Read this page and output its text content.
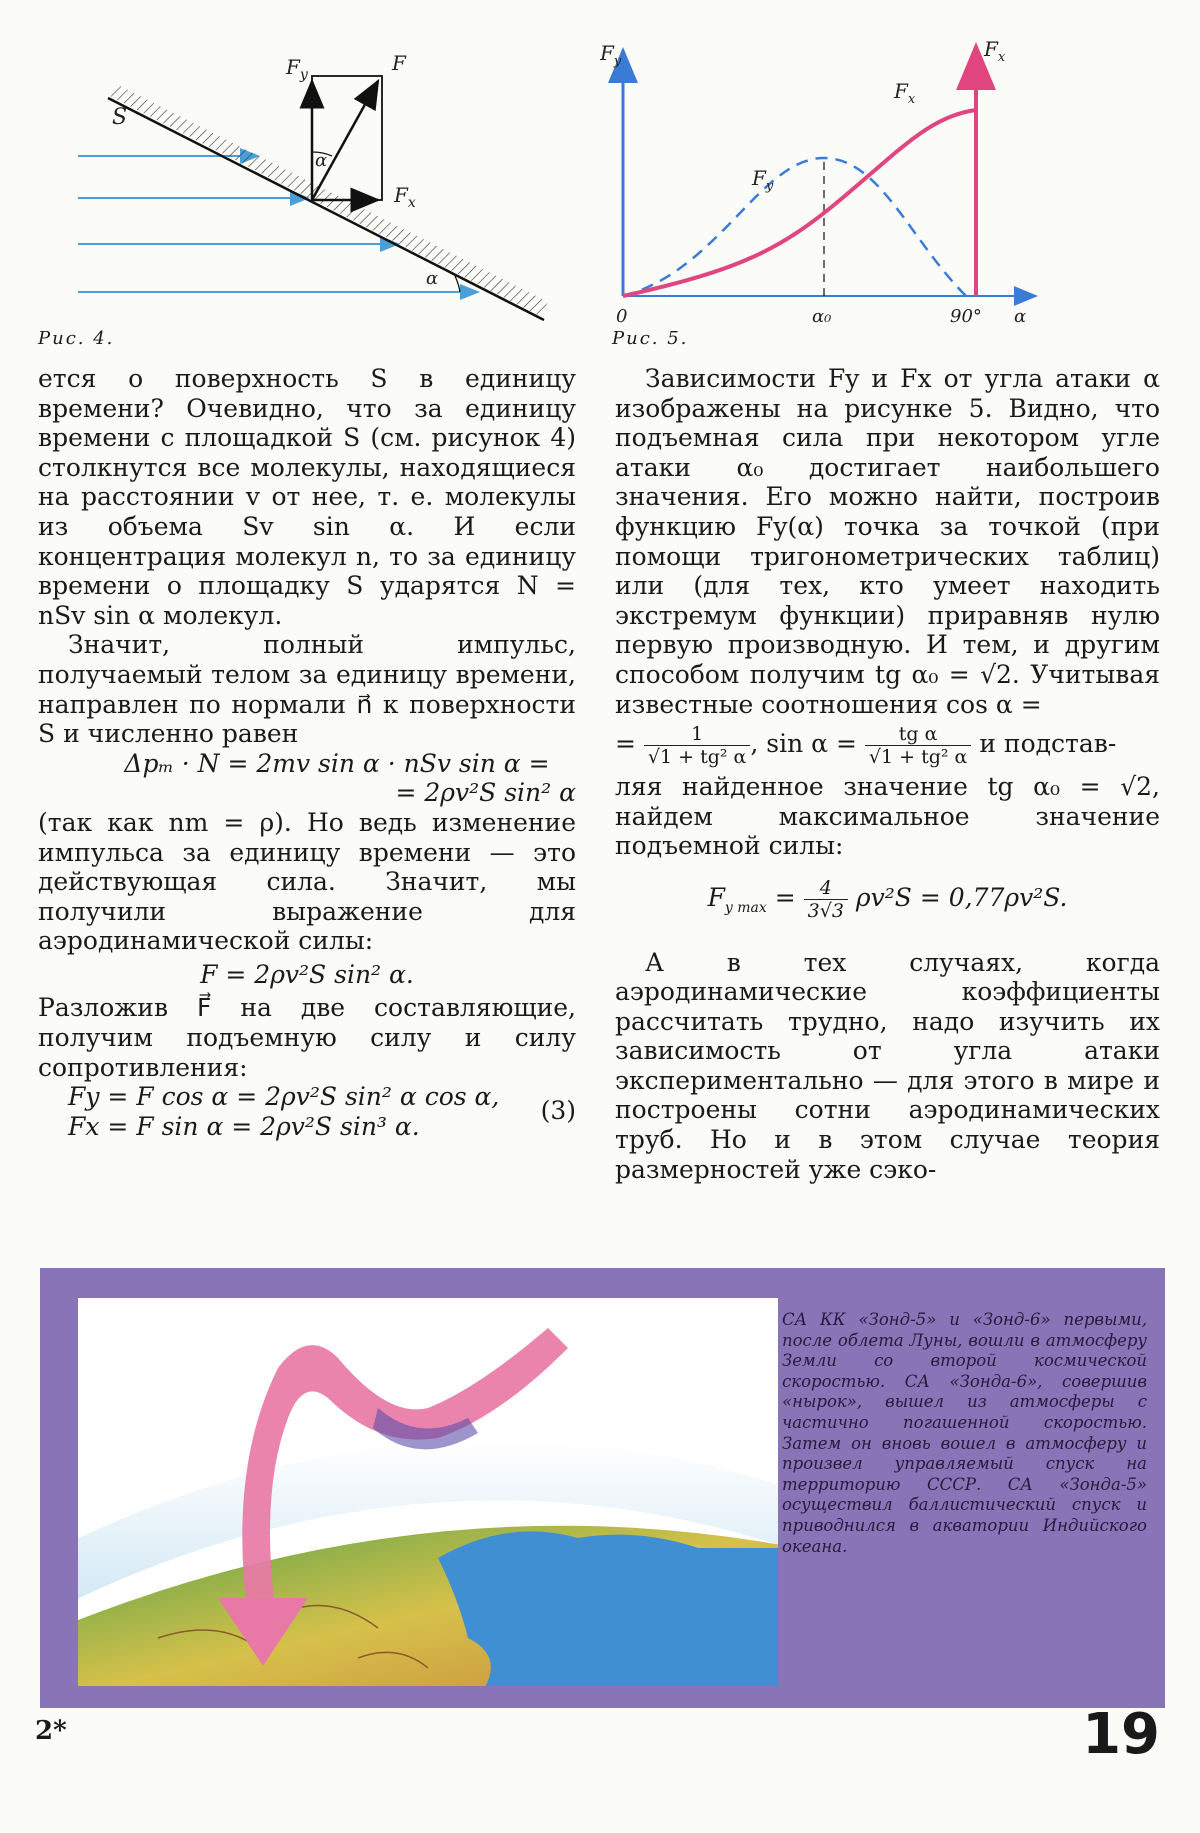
S
$F_y$	F
$F_x$
α
α
Рис. 4.
$F_y$
$F_x$
$F_x$
$F_y$
0	α₀	90° α
Рис. 5.

ется о поверхность S в единицу времени? Очевидно, что за единицу времени с площадкой S (см. рисунок 4) столкнутся все молекулы, находящиеся на расстоянии v от нее, т. е. молекулы из объема Sv sin α. И если концентрация молекул n, то за единицу времени о площадку S ударятся N = nSv sin α молекул.

Значит, полный импульс, получаемый телом за единицу времени, направлен по нормали n⃗ к поверхности S и численно равен

Δpₘ · N = 2mv sin α · nSv sin α =

= 2ρv²S sin² α

(так как nm = ρ). Но ведь изменение импульса за единицу времени — это действующая сила. Значит, мы получили выражение для аэродинамической силы:

F = 2ρv²S sin² α.

Разложив F⃗ на две составляющие, получим подъемную силу и силу сопротивления:

Fy = F cos α = 2ρv²S sin² α cos α,
Fx = F sin α = 2ρv²S sin³ α.
(3)

Зависимости Fy и Fx от угла атаки α изображены на рисунке 5. Видно, что подъемная сила при некотором угле атаки α₀ достигает наибольшего значения. Его можно найти, построив функцию Fy(α) точка за точкой (при помощи тригонометрических таблиц) или (для тех, кто умеет находить экстремум функции) приравняв нулю первую производную. И тем, и другим способом получим tg α₀ = √2. Учитывая известные соотношения cos α =

= $\frac{1}{\text{√1 + tg² α}}$ , $\sin \alpha = \frac{\text{tg α}}{\text{√1 + tg² α}}$ и подстав-

ляя найденное значение tg α₀ = √2, найдем максимальное значение подъемной силы:

$F_{y max} = \frac{4}{3√3} \rho v^2S = 0,77\rho v^2S$.

А в тех случаях, когда аэродинамические коэффициенты рассчитать трудно, надо изучить их зависимость от угла атаки экспериментально — для этого в мире и построены сотни аэродинамических труб. Но и в этом случае теория размерностей уже сэко-

СА КК «Зонд-5» и «Зонд-6» первыми, после облета Луны, вошли в атмосферу Земли со второй космической скоростью. СА «Зонда-6», совершив «нырок», вышел из атмосферы с частично погашенной скоростью. Затем он вновь вошел в атмосферу и произвел управляемый спуск на территорию СССР. СА «Зонда-5» осуществил баллистический спуск и приводнился в акватории Индийского океана.
2*	19
